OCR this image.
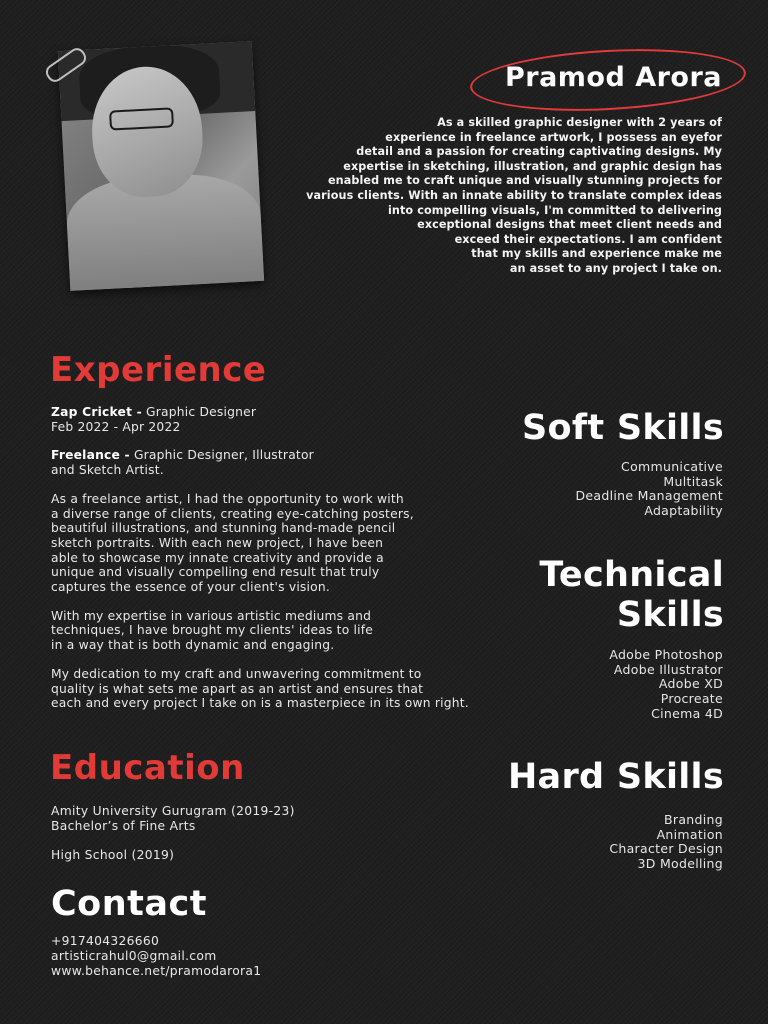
Pramod Arora
As a skilled graphic designer with 2 years of
experience in freelance artwork, I possess an eyefor
detail and a passion for creating captivating designs. My
expertise in sketching, illustration, and graphic design has
enabled me to craft unique and visually stunning projects for
various clients. With an innate ability to translate complex ideas
into compelling visuals, I'm committed to delivering
exceptional designs that meet client needs and
exceed their expectations. I am confident
that my skills and experience make me
an asset to any project I take on.
Experience

Zap Cricket - Graphic Designer
Feb 2022 - Apr 2022

Freelance - Graphic Designer, Illustrator
and Sketch Artist.

As a freelance artist, I had the opportunity to work with
a diverse range of clients, creating eye-catching posters,
beautiful illustrations, and stunning hand-made pencil
sketch portraits. With each new project, I have been
able to showcase my innate creativity and provide a
unique and visually compelling end result that truly
captures the essence of your client's vision.

With my expertise in various artistic mediums and
techniques, I have brought my clients' ideas to life
in a way that is both dynamic and engaging.

My dedication to my craft and unwavering commitment to
quality is what sets me apart as an artist and ensures that
each and every project I take on is a masterpiece in its own right.

Education
Amity University Gurugram (2019-23)
Bachelor’s of Fine Arts
High School (2019)
Contact
+917404326660
artisticrahul0@gmail.com
www.behance.net/pramodarora1
Soft Skills
Communicative
Multitask
Deadline Management
Adaptability
Technical
Skills
Adobe Photoshop
Adobe Illustrator
Adobe XD
Procreate
Cinema 4D
Hard Skills
Branding
Animation
Character Design
3D Modelling
